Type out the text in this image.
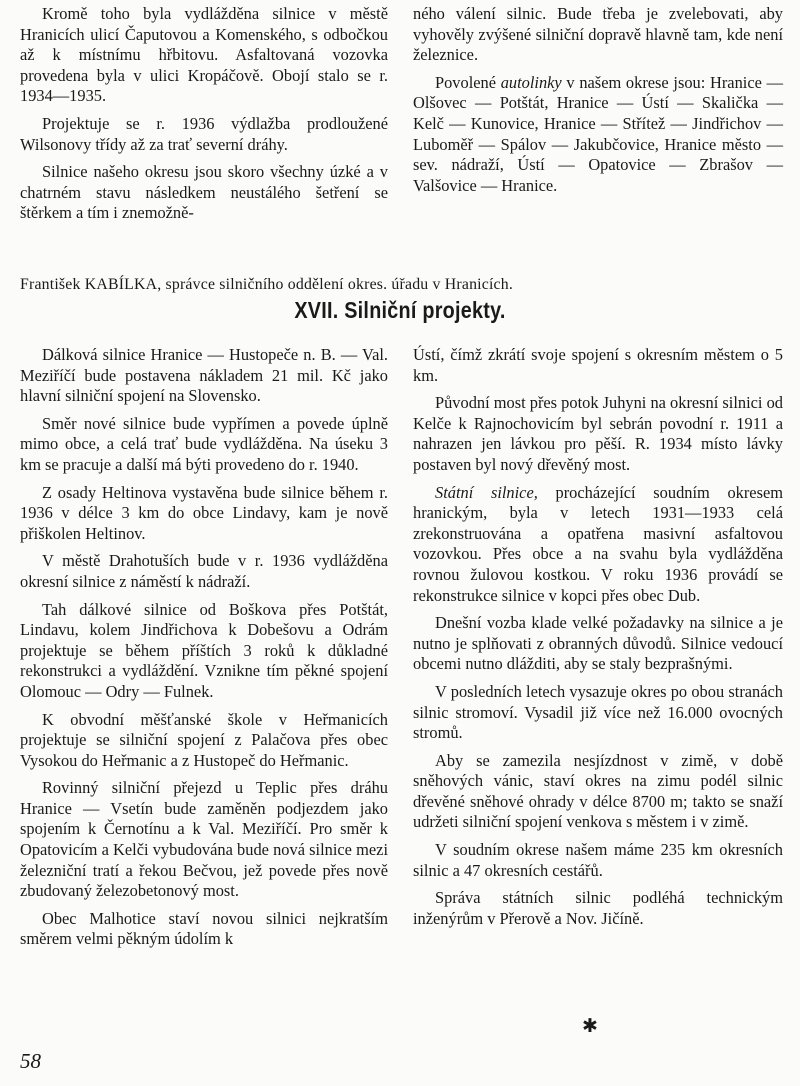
Kromě toho byla vydlážděna silnice v městě Hranicích ulicí Čaputovou a Komenského, s odbočkou až k místnímu hřbitovu. Asfaltovaná vozovka provedena byla v ulici Kropáčově. Obojí stalo se r. 1934—1935.

Projektuje se r. 1936 výdlažba prodloužené Wilsonovy třídy až za trať severní dráhy.

Silnice našeho okresu jsou skoro všechny úzké a v chatrném stavu následkem neustálého šetření se štěrkem a tím i znemožně-

ného válení silnic. Bude třeba je zvelebovati, aby vyhověly zvýšené silniční dopravě hlavně tam, kde není železnice.

Povolené autolinky v našem okrese jsou: Hranice — Olšovec — Potštát, Hranice — Ústí — Skalička — Kelč — Kunovice, Hranice — Střítež — Jindřichov — Luboměř — Spálov — Jakubčovice, Hranice město — sev. nádraží, Ústí — Opatovice — Zbrašov — Valšovice — Hranice.

František KABÍLKA, správce silničního oddělení okres. úřadu v Hranicích.
XVII. Silniční projekty.

Dálková silnice Hranice — Hustopeče n. B. — Val. Meziříčí bude postavena nákladem 21 mil. Kč jako hlavní silniční spojení na Slovensko.

Směr nové silnice bude vypřímen a povede úplně mimo obce, a celá trať bude vydlážděna. Na úseku 3 km se pracuje a další má býti provedeno do r. 1940.

Z osady Heltinova vystavěna bude silnice během r. 1936 v délce 3 km do obce Lindavy, kam je nově přiškolen Heltinov.

V městě Drahotuších bude v r. 1936 vydlážděna okresní silnice z náměstí k nádraží.

Tah dálkové silnice od Boškova přes Potštát, Lindavu, kolem Jindřichova k Dobešovu a Odrám projektuje se během příštích 3 roků k důkladné rekonstrukci a vydláždění. Vznikne tím pěkné spojení Olomouc — Odry — Fulnek.

K obvodní měšťanské škole v Heřmanicích projektuje se silniční spojení z Palačova přes obec Vysokou do Heřmanic a z Hustopeč do Heřmanic.

Rovinný silniční přejezd u Teplic přes dráhu Hranice — Vsetín bude zaměněn podjezdem jako spojením k Černotínu a k Val. Meziříčí. Pro směr k Opatovicím a Kelči vybudována bude nová silnice mezi železniční tratí a řekou Bečvou, jež povede přes nově zbudovaný železobetonový most.

Obec Malhotice staví novou silnici nejkratším směrem velmi pěkným údolím k

Ústí, čímž zkrátí svoje spojení s okresním městem o 5 km.

Původní most přes potok Juhyni na okresní silnici od Kelče k Rajnochovicím byl sebrán povodní r. 1911 a nahrazen jen lávkou pro pěší. R. 1934 místo lávky postaven byl nový dřevěný most.

Státní silnice, procházející soudním okresem hranickým, byla v letech 1931—1933 celá zrekonstruována a opatřena masivní asfaltovou vozovkou. Přes obce a na svahu byla vydlážděna rovnou žulovou kostkou. V roku 1936 provádí se rekonstrukce silnice v kopci přes obec Dub.

Dnešní vozba klade velké požadavky na silnice a je nutno je splňovati z obranných důvodů. Silnice vedoucí obcemi nutno dlážditi, aby se staly bezprašnými.

V posledních letech vysazuje okres po obou stranách silnic stromoví. Vysadil již více než 16.000 ovocných stromů.

Aby se zamezila nesjízdnost v zimě, v době sněhových vánic, staví okres na zimu podél silnic dřevěné sněhové ohrady v délce 8700 m; takto se snaží udržeti silniční spojení venkova s městem i v zimě.

V soudním okrese našem máme 235 km okresních silnic a 47 okresních cestářů.

Správa státních silnic podléhá technickým inženýrům v Přerově a Nov. Jičíně.

✱
58
